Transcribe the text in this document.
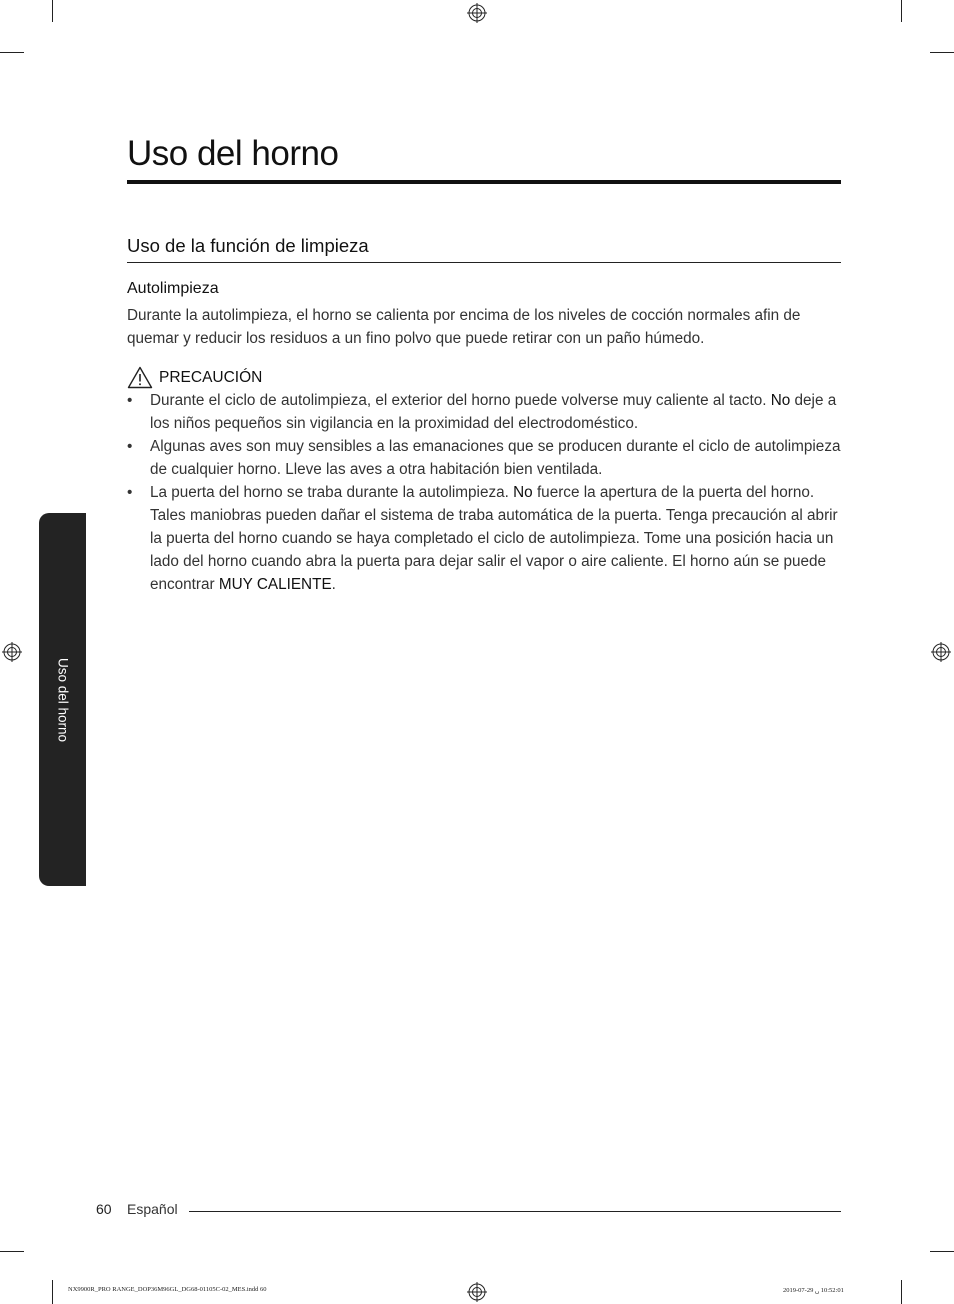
Uso del horno
Uso de la función de limpieza
Autolimpieza

Durante la autolimpieza, el horno se calienta por encima de los niveles de cocción normales afin de quemar y reducir los residuos a un fino polvo que puede retirar con un paño húmedo.

PRECAUCIÓN
• Durante el ciclo de autolimpieza, el exterior del horno puede volverse muy caliente al tacto. No deje a los niños pequeños sin vigilancia en la proximidad del electrodoméstico.
• Algunas aves son muy sensibles a las emanaciones que se producen durante el ciclo de autolimpieza de cualquier horno. Lleve las aves a otra habitación bien ventilada.
• La puerta del horno se traba durante la autolimpieza. No fuerce la apertura de la puerta del horno. Tales maniobras pueden dañar el sistema de traba automática de la puerta. Tenga precaución al abrir la puerta del horno cuando se haya completado el ciclo de autolimpieza. Tome una posición hacia un lado del horno cuando abra la puerta para dejar salir el vapor o aire caliente. El horno aún se puede encontrar MUY CALIENTE.
Uso del horno
60 Español
NX9900R_PRO RANGE_DOP36M96GL_DG68-01105C-02_MES.indd 60	2019-07-29 ␣ 10:52:01
